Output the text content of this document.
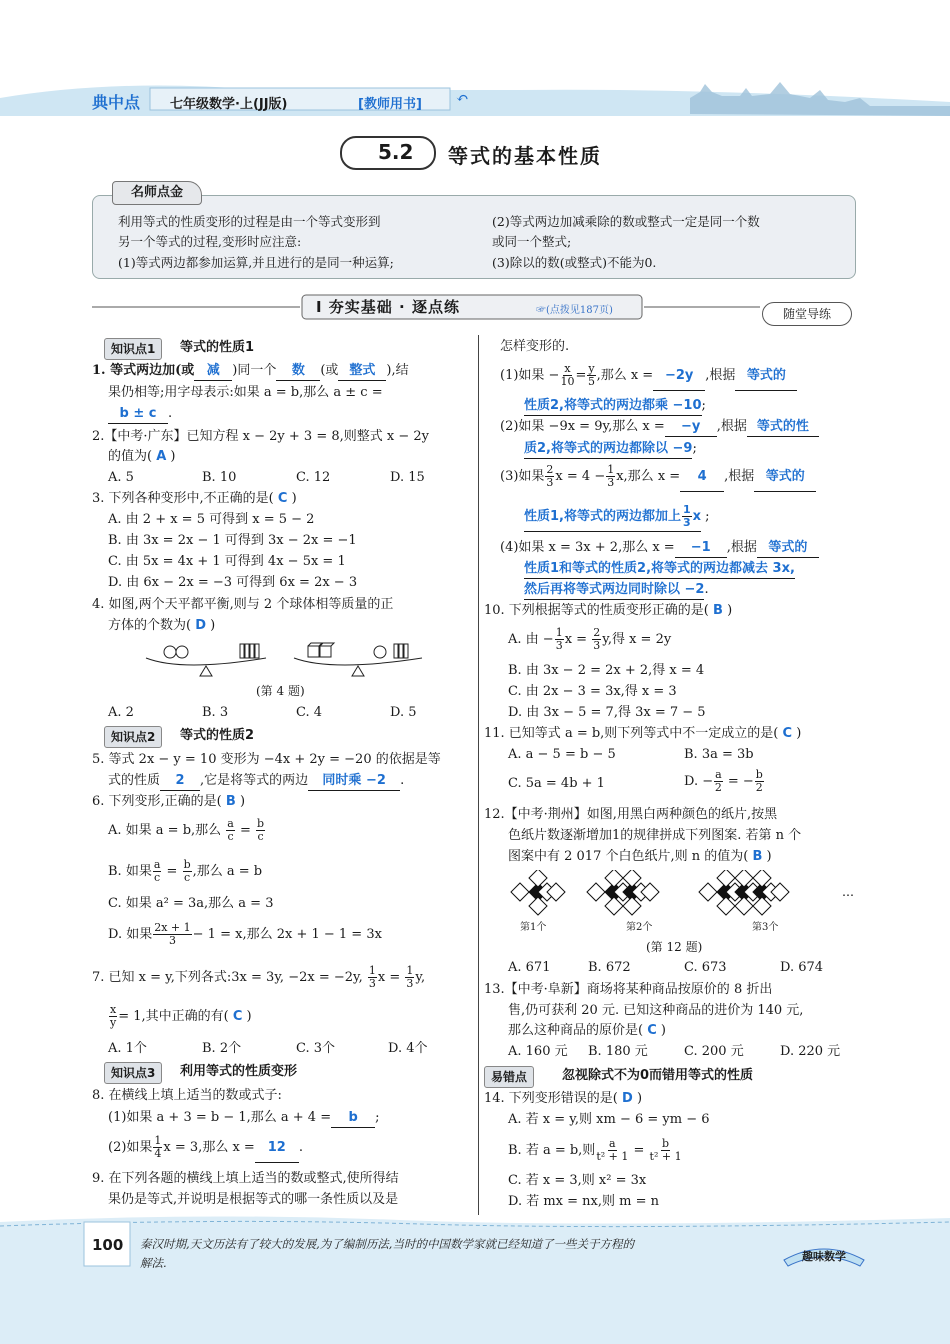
典中点 七年级数学·上(JJ版)	[教师用书] ↶
5.2 等式的基本性质
名师点金
利用等式的性质变形的过程是由一个等式变形到
另一个等式的过程,变形时应注意:
(1)等式两边都参加运算,并且进行的是同一种运算;
(2)等式两边加减乘除的数或整式一定是同一个数
或同一个整式;
(3)除以的数(或整式)不能为0.
Ⅰ 夯实基础 · 逐点练	☞(点拨见187页)	随堂导练
知识点1	等式的性质1
1. 等式两边加(或 减 )同一个 数 (或 整式 ),结
果仍相等;用字母表示:如果 a = b,那么 a ± c =
b ± c .
2.【中考·广东】已知方程 x − 2y + 3 = 8,则整式 x − 2y
的值为( A )
A. 5	B. 10	C. 12	D. 15
3. 下列各种变形中,不正确的是( C )
A. 由 2 + x = 5 可得到 x = 5 − 2
B. 由 3x = 2x − 1 可得到 3x − 2x = −1
C. 由 5x = 4x + 1 可得到 4x − 5x = 1
D. 由 6x − 2x = −3 可得到 6x = 2x − 3
4. 如图,两个天平都平衡,则与 2 个球体相等质量的正
方体的个数为( D )
(第 4 题)
A. 2	B. 3	C. 4	D. 5
知识点2	等式的性质2
5. 等式 2x − y = 10 变形为 −4x + 2y = −20 的依据是等
式的性质 2 ,它是将等式的两边 同时乘 −2 .
6. 下列变形,正确的是( B )
A. 如果 a = b,那么 $\frac{a}{c} = \frac{b}{c}$
B. 如果 $\frac{a}{c} = \frac{b}{c}$ ,那么 a = b
C. 如果 a² = 3a,那么 a = 3
D. 如果 $\frac{2x + 1}{3} - 1 = x$,那么 2x + 1 − 1 = 3x
7. 已知 x = y,下列各式:3x = 3y, −2x = −2y, $\frac{1}{3}$ $x = \frac{1}{3} y$,
$\frac{x}{y} = 1$,其中正确的有( C )
A. 1个	B. 2个	C. 3个	D. 4个
知识点3	利用等式的性质变形
8. 在横线上填上适当的数或式子:
(1)如果 a + 3 = b − 1,那么 a + 4 = b ;
(2)如果 $\frac{1}{4}$ x = 3,那么 x = 12 .
9. 在下列各题的横线上填上适当的数或整式,使所得结
果仍是等式,并说明是根据等式的哪一条性质以及是
怎样变形的.
(1)如果 − $\frac{x}{10} = \frac{y}{5}$ ,那么 x = −2y ,根据 等式的
性质2,将等式的两边都乘 −10;
(2)如果 −9x = 9y,那么 x = −y ,根据 等式的性
质2,将等式的两边都除以 −9;
(3)如果 $\frac{2}{3}$ $x = 4 - \frac{1}{3} x$,那么 x = 4 ,根据 等式的
性质1,将等式的两边都加上 $\frac{1}{3}$ x ;
(4)如果 x = 3x + 2,那么 x = −1 ,根据 等式的
性质1和等式的性质2,将等式的两边都减去 3x,
然后再将等式两边同时除以 −2.
10. 下列根据等式的性质变形正确的是( B )
A. 由 − $\frac{1}{3}$ $x = \frac{2}{3} y$,得 x = 2y
B. 由 3x − 2 = 2x + 2,得 x = 4
C. 由 2x − 3 = 3x,得 x = 3
D. 由 3x − 5 = 7,得 3x = 7 − 5
11. 已知等式 a = b,则下列等式中不一定成立的是( C )
A. a − 5 = b − 5	B. 3a = 3b
C. 5a = 4b + 1	D. − $\frac{a}{2}$ = − $\frac{b}{2}$
12.【中考·荆州】如图,用黑白两种颜色的纸片,按黑
色纸片数逐渐增加1的规律拼成下列图案. 若第 n 个
图案中有 2 017 个白色纸片,则 n 的值为( B )
…
第1个	第2个	第3个
(第 12 题)
A. 671	B. 672	C. 673	D. 674
13.【中考·阜新】商场将某种商品按原价的 8 折出
售,仍可获利 20 元. 已知这种商品的进价为 140 元,
那么这种商品的原价是( C )
A. 160 元 B. 180 元	C. 200 元	D. 220 元
易错点	忽视除式不为0而错用等式的性质
14. 下列变形错误的是( D )
A. 若 x = y,则 xm − 6 = ym − 6
B. 若 a = b,则 $\frac{a}{\text{t² + 1}} = \frac{b}{\text{t² + 1}}$
C. 若 x = 3,则 x² = 3x
D. 若 mx = nx,则 m = n
100 秦汉时期,天文历法有了较大的发展,为了编制历法,当时的中国数学家就已经知道了一些关于方程的
解法.	趣味数学
